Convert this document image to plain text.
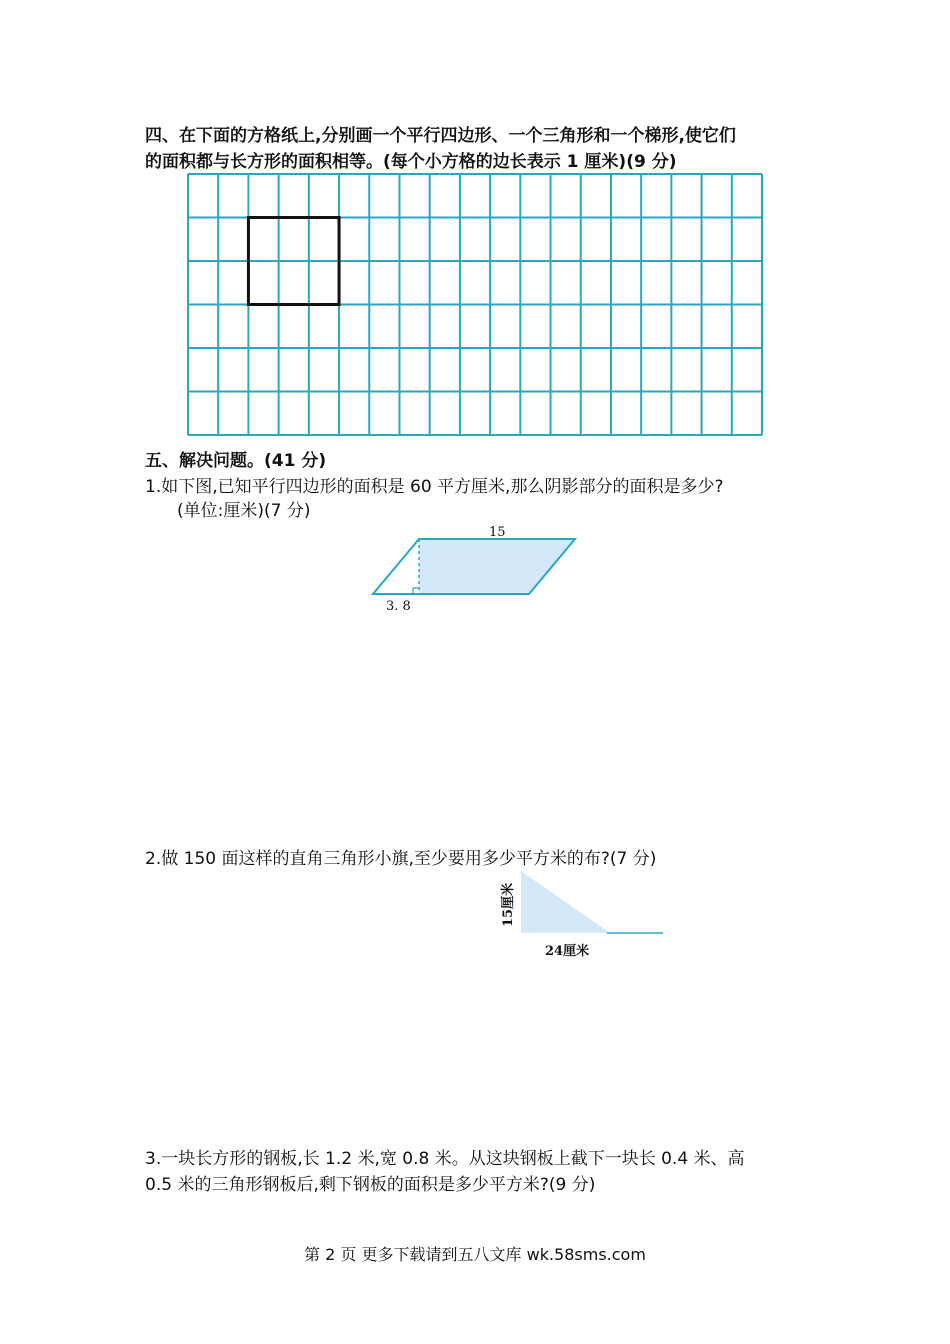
四、在下面的方格纸上,分别画一个平行四边形、一个三角形和一个梯形,使它们
的面积都与长方形的面积相等。(每个小方格的边长表示 1 厘米)(9 分)
五、解决问题。(41 分)
1.如下图,已知平行四边形的面积是 60 平方厘米,那么阴影部分的面积是多少?
(单位:厘米)(7 分)
15
3. 8
2.做 150 面这样的直角三角形小旗,至少要用多少平方米的布?(7 分)
15厘米
24厘米
3.一块长方形的钢板,长 1.2 米,宽 0.8 米。从这块钢板上截下一块长 0.4 米、高
0.5 米的三角形钢板后,剩下钢板的面积是多少平方米?(9 分)
第 2 页 更多下载请到五八文库 wk.58sms.com
